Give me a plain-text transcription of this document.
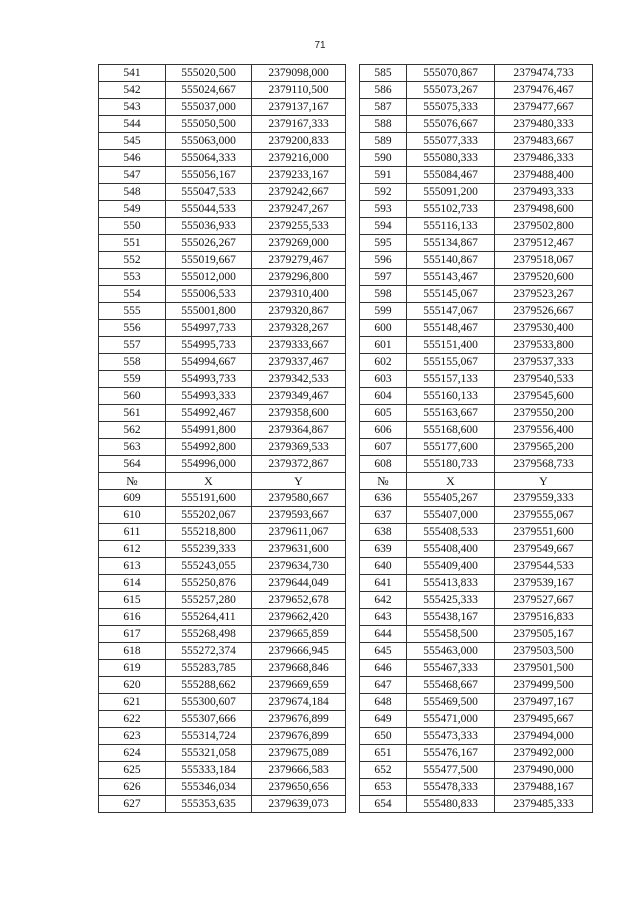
71
541	555020,500	2379098,000		585	555070,867	2379474,733
542	555024,667	2379110,500		586	555073,267	2379476,467
543	555037,000	2379137,167		587	555075,333	2379477,667
544	555050,500	2379167,333		588	555076,667	2379480,333
545	555063,000	2379200,833		589	555077,333	2379483,667
546	555064,333	2379216,000		590	555080,333	2379486,333
547	555056,167	2379233,167		591	555084,467	2379488,400
548	555047,533	2379242,667		592	555091,200	2379493,333
549	555044,533	2379247,267		593	555102,733	2379498,600
550	555036,933	2379255,533		594	555116,133	2379502,800
551	555026,267	2379269,000		595	555134,867	2379512,467
552	555019,667	2379279,467		596	555140,867	2379518,067
553	555012,000	2379296,800		597	555143,467	2379520,600
554	555006,533	2379310,400		598	555145,067	2379523,267
555	555001,800	2379320,867		599	555147,067	2379526,667
556	554997,733	2379328,267		600	555148,467	2379530,400
557	554995,733	2379333,667		601	555151,400	2379533,800
558	554994,667	2379337,467		602	555155,067	2379537,333
559	554993,733	2379342,533		603	555157,133	2379540,533
560	554993,333	2379349,467		604	555160,133	2379545,600
561	554992,467	2379358,600		605	555163,667	2379550,200
562	554991,800	2379364,867		606	555168,600	2379556,400
563	554992,800	2379369,533		607	555177,600	2379565,200
564	554996,000	2379372,867		608	555180,733	2379568,733
№	X	Y		№	X	Y
609	555191,600	2379580,667		636	555405,267	2379559,333
610	555202,067	2379593,667		637	555407,000	2379555,067
611	555218,800	2379611,067		638	555408,533	2379551,600
612	555239,333	2379631,600		639	555408,400	2379549,667
613	555243,055	2379634,730		640	555409,400	2379544,533
614	555250,876	2379644,049		641	555413,833	2379539,167
615	555257,280	2379652,678		642	555425,333	2379527,667
616	555264,411	2379662,420		643	555438,167	2379516,833
617	555268,498	2379665,859		644	555458,500	2379505,167
618	555272,374	2379666,945		645	555463,000	2379503,500
619	555283,785	2379668,846		646	555467,333	2379501,500
620	555288,662	2379669,659		647	555468,667	2379499,500
621	555300,607	2379674,184		648	555469,500	2379497,167
622	555307,666	2379676,899		649	555471,000	2379495,667
623	555314,724	2379676,899		650	555473,333	2379494,000
624	555321,058	2379675,089		651	555476,167	2379492,000
625	555333,184	2379666,583		652	555477,500	2379490,000
626	555346,034	2379650,656		653	555478,333	2379488,167
627	555353,635	2379639,073		654	555480,833	2379485,333
